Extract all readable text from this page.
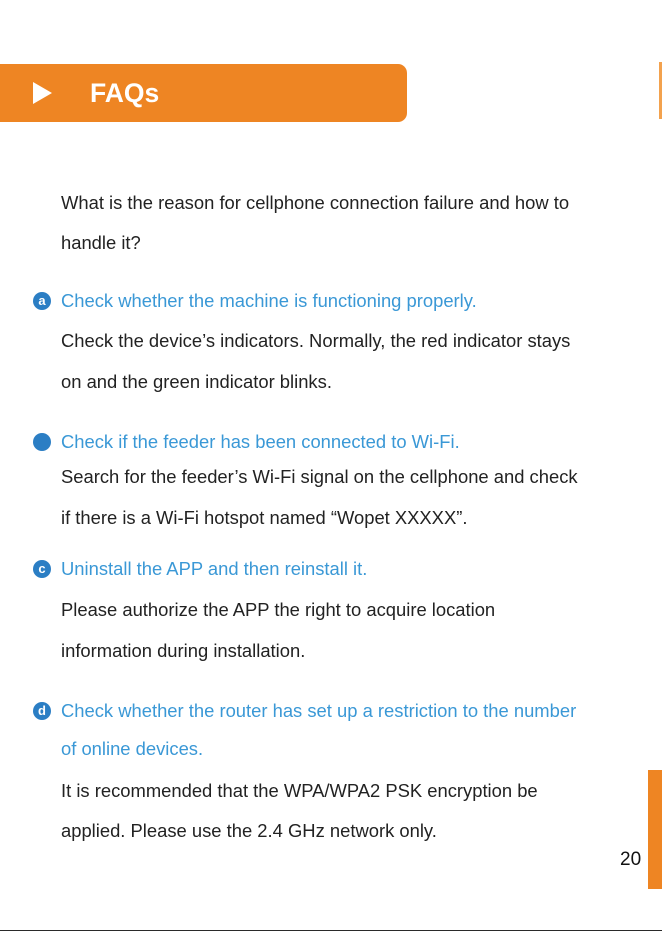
FAQs
What is the reason for cellphone connection failure and how to
handle it?
a Check whether the machine is functioning properly.
Check the device’s indicators. Normally, the red indicator stays
on and the green indicator blinks.
Check if the feeder has been connected to Wi-Fi.
Search for the feeder’s Wi-Fi signal on the cellphone and check
if there is a Wi-Fi hotspot named “Wopet XXXXX”.
c Uninstall the APP and then reinstall it.
Please authorize the APP the right to acquire location
information during installation.
d Check whether the router has set up a restriction to the number
of online devices.
It is recommended that the WPA/WPA2 PSK encryption be
applied. Please use the 2.4 GHz network only.
20
